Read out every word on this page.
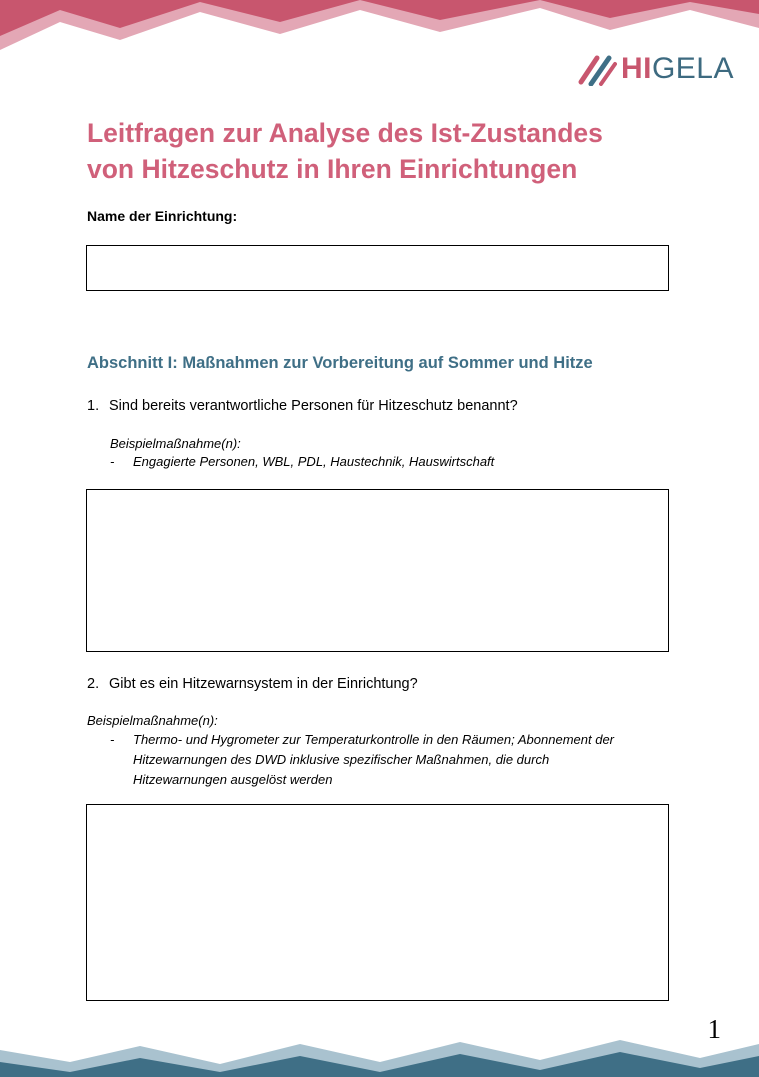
HIGELA
Leitfragen zur Analyse des Ist-Zustandes
von Hitzeschutz in Ihren Einrichtungen
Name der Einrichtung:
Abschnitt I: Maßnahmen zur Vorbereitung auf Sommer und Hitze
1. Sind bereits verantwortliche Personen für Hitzeschutz benannt?
Beispielmaßnahme(n):
-	Engagierte Personen, WBL, PDL, Haustechnik, Hauswirtschaft
2. Gibt es ein Hitzewarnsystem in der Einrichtung?
Beispielmaßnahme(n):
-	Thermo- und Hygrometer zur Temperaturkontrolle in den Räumen; Abonnement der
Hitzewarnungen des DWD inklusive spezifischer Maßnahmen, die durch
Hitzewarnungen ausgelöst werden
1
